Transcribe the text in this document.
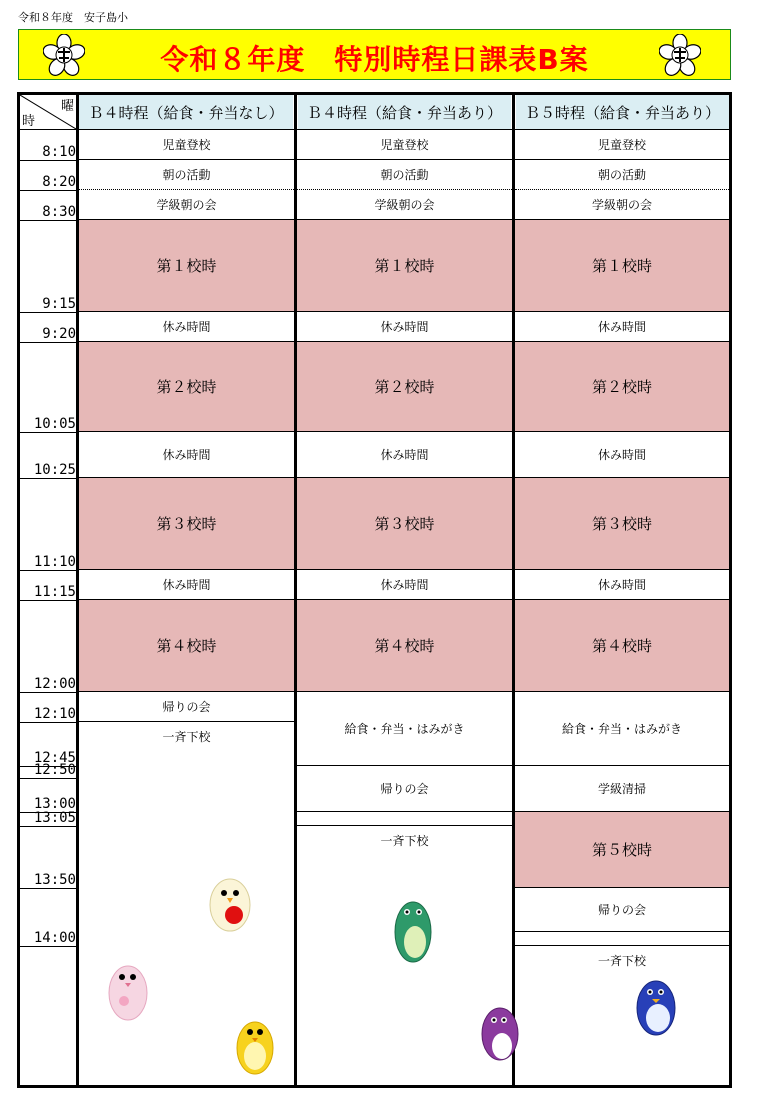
令和８年度　安子島小
令和８年度　特別時程日課表B案
Ｂ４時程（給食・弁当なし）	Ｂ４時程（給食・弁当あり）	Ｂ５時程（給食・弁当あり）
曜
時
8:10
8:20
8:30
9:15
9:20
10:05
10:25
11:10
11:15
12:00
12:10
12:45
12:50
13:00
13:05
13:50
14:00
児童登校
朝の活動
学級朝の会
第１校時
休み時間
第２校時
休み時間
第３校時
休み時間
第４校時
帰りの会
一斉下校
児童登校
朝の活動
学級朝の会
第１校時
休み時間
第２校時
休み時間
第３校時
休み時間
第４校時
給食・弁当・はみがき
帰りの会
一斉下校
児童登校
朝の活動
学級朝の会
第１校時
休み時間
第２校時
休み時間
第３校時
休み時間
第４校時
給食・弁当・はみがき
学級清掃
第５校時
帰りの会
一斉下校
